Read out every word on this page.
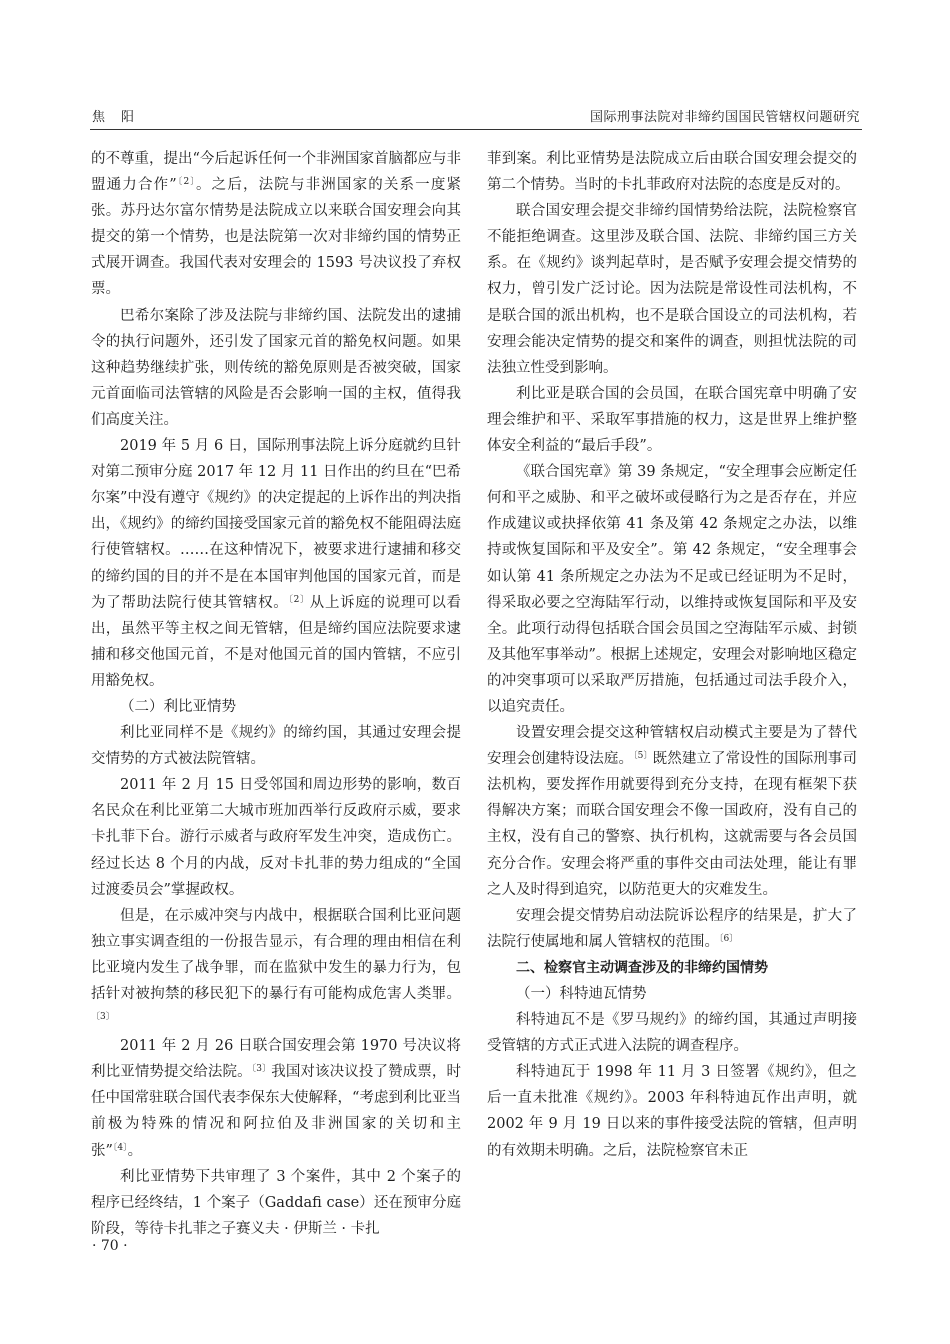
焦阳	国际刑事法院对非缔约国国民管辖权问题研究

的不尊重，提出“今后起诉任何一个非洲国家首脑都应与非盟通力合作”$^{〔2〕}$。之后，法院与非洲国家的关系一度紧张。苏丹达尔富尔情势是法院成立以来联合国安理会向其提交的第一个情势，也是法院第一次对非缔约国的情势正式展开调查。我国代表对安理会的 1593 号决议投了弃权票。

巴希尔案除了涉及法院与非缔约国、法院发出的逮捕令的执行问题外，还引发了国家元首的豁免权问题。如果这种趋势继续扩张，则传统的豁免原则是否被突破，国家元首面临司法管辖的风险是否会影响一国的主权，值得我们高度关注。

2019 年 5 月 6 日，国际刑事法院上诉分庭就约旦针对第二预审分庭 2017 年 12 月 11 日作出的约旦在“巴希尔案”中没有遵守《规约》的决定提起的上诉作出的判决指出，《规约》的缔约国接受国家元首的豁免权不能阻碍法庭行使管辖权。……在这种情况下，被要求进行逮捕和移交的缔约国的目的并不是在本国审判他国的国家元首，而是为了帮助法院行使其管辖权。$^{〔2〕}$从上诉庭的说理可以看出，虽然平等主权之间无管辖，但是缔约国应法院要求逮捕和移交他国元首，不是对他国元首的国内管辖，不应引用豁免权。

（二）利比亚情势

利比亚同样不是《规约》的缔约国，其通过安理会提交情势的方式被法院管辖。

2011 年 2 月 15 日受邻国和周边形势的影响，数百名民众在利比亚第二大城市班加西举行反政府示威，要求卡扎菲下台。游行示威者与政府军发生冲突，造成伤亡。经过长达 8 个月的内战，反对卡扎菲的势力组成的“全国过渡委员会”掌握政权。

但是，在示威冲突与内战中，根据联合国利比亚问题独立事实调查组的一份报告显示，有合理的理由相信在利比亚境内发生了战争罪，而在监狱中发生的暴力行为，包括针对被拘禁的移民犯下的暴行有可能构成危害人类罪。$^{〔3〕}$

2011 年 2 月 26 日联合国安理会第 1970 号决议将利比亚情势提交给法院。$^{〔3〕}$我国对该决议投了赞成票，时任中国常驻联合国代表李保东大使解释，“考虑到利比亚当前极为特殊的情况和阿拉伯及非洲国家的关切和主张”$^{〔4〕}$。

利比亚情势下共审理了 3 个案件，其中 2 个案子的程序已经终结，1 个案子（Gaddafi case）还在预审分庭阶段，等待卡扎菲之子赛义夫 · 伊斯兰 · 卡扎

菲到案。利比亚情势是法院成立后由联合国安理会提交的第二个情势。当时的卡扎菲政府对法院的态度是反对的。

联合国安理会提交非缔约国情势给法院，法院检察官不能拒绝调查。这里涉及联合国、法院、非缔约国三方关系。在《规约》谈判起草时，是否赋予安理会提交情势的权力，曾引发广泛讨论。因为法院是常设性司法机构，不是联合国的派出机构，也不是联合国设立的司法机构，若安理会能决定情势的提交和案件的调查，则担忧法院的司法独立性受到影响。

利比亚是联合国的会员国，在联合国宪章中明确了安理会维护和平、采取军事措施的权力，这是世界上维护整体安全利益的“最后手段”。

《联合国宪章》第 39 条规定，“安全理事会应断定任何和平之威胁、和平之破坏或侵略行为之是否存在，并应作成建议或抉择依第 41 条及第 42 条规定之办法，以维持或恢复国际和平及安全”。第 42 条规定，“安全理事会如认第 41 条所规定之办法为不足或已经证明为不足时，得采取必要之空海陆军行动，以维持或恢复国际和平及安全。此项行动得包括联合国会员国之空海陆军示威、封锁及其他军事举动”。根据上述规定，安理会对影响地区稳定的冲突事项可以采取严厉措施，包括通过司法手段介入，以追究责任。

设置安理会提交这种管辖权启动模式主要是为了替代安理会创建特设法庭。$^{〔5〕}$既然建立了常设性的国际刑事司法机构，要发挥作用就要得到充分支持，在现有框架下获得解决方案；而联合国安理会不像一国政府，没有自己的主权，没有自己的警察、执行机构，这就需要与各会员国充分合作。安理会将严重的事件交由司法处理，能让有罪之人及时得到追究，以防范更大的灾难发生。

安理会提交情势启动法院诉讼程序的结果是，扩大了法院行使属地和属人管辖权的范围。$^{〔6〕}$

二、检察官主动调查涉及的非缔约国情势
（一）科特迪瓦情势

科特迪瓦不是《罗马规约》的缔约国，其通过声明接受管辖的方式正式进入法院的调查程序。

科特迪瓦于 1998 年 11 月 3 日签署《规约》，但之后一直未批准《规约》。2003 年科特迪瓦作出声明，就2002 年 9 月 19 日以来的事件接受法院的管辖，但声明的有效期未明确。之后，法院检察官未正

· 70 ·
